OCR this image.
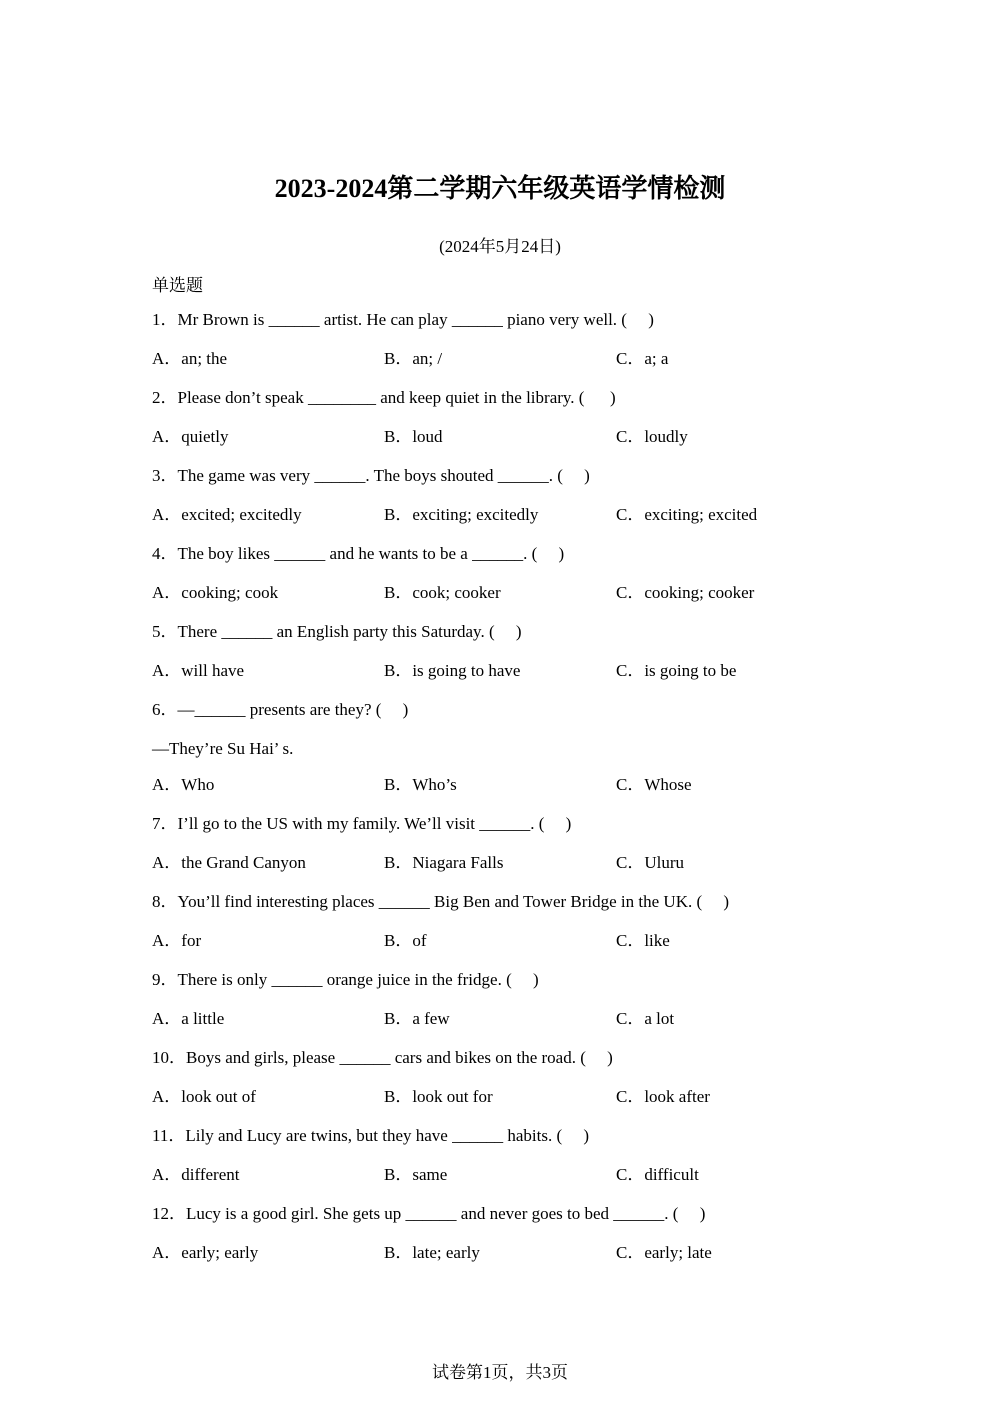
2023-2024第二学期六年级英语学情检测
(2024年5月24日)
单选题
1．Mr Brown is ______ artist. He can play ______ piano very well. (     )
A．an; the	B．an; /	C．a; a
2．Please don’t speak ________ and keep quiet in the library. (      )
A．quietly	B．loud	C．loudly
3．The game was very ______. The boys shouted ______. (     )
A．excited; excitedly	B．exciting; excitedly	C．exciting; excited
4．The boy likes ______ and he wants to be a ______. (     )
A．cooking; cook	B．cook; cooker	C．cooking; cooker
5．There ______ an English party this Saturday. (     )
A．will have	B．is going to have	C．is going to be
6．—______ presents are they? (     )
—They’re Su Hai’ s.
A．Who	B．Who’s	C．Whose
7．I’ll go to the US with my family. We’ll visit ______. (     )
A．the Grand Canyon	B．Niagara Falls	C．Uluru
8．You’ll find interesting places ______ Big Ben and Tower Bridge in the UK. (     )
A．for	B．of	C．like
9．There is only ______ orange juice in the fridge. (     )
A．a little	B．a few	C．a lot
10．Boys and girls, please ______ cars and bikes on the road. (     )
A．look out of	B．look out for	C．look after
11．Lily and Lucy are twins, but they have ______ habits. (     )
A．different	B．same	C．difficult
12．Lucy is a good girl. She gets up ______ and never goes to bed ______. (     )
A．early; early	B．late; early	C．early; late
试卷第1页，共3页
